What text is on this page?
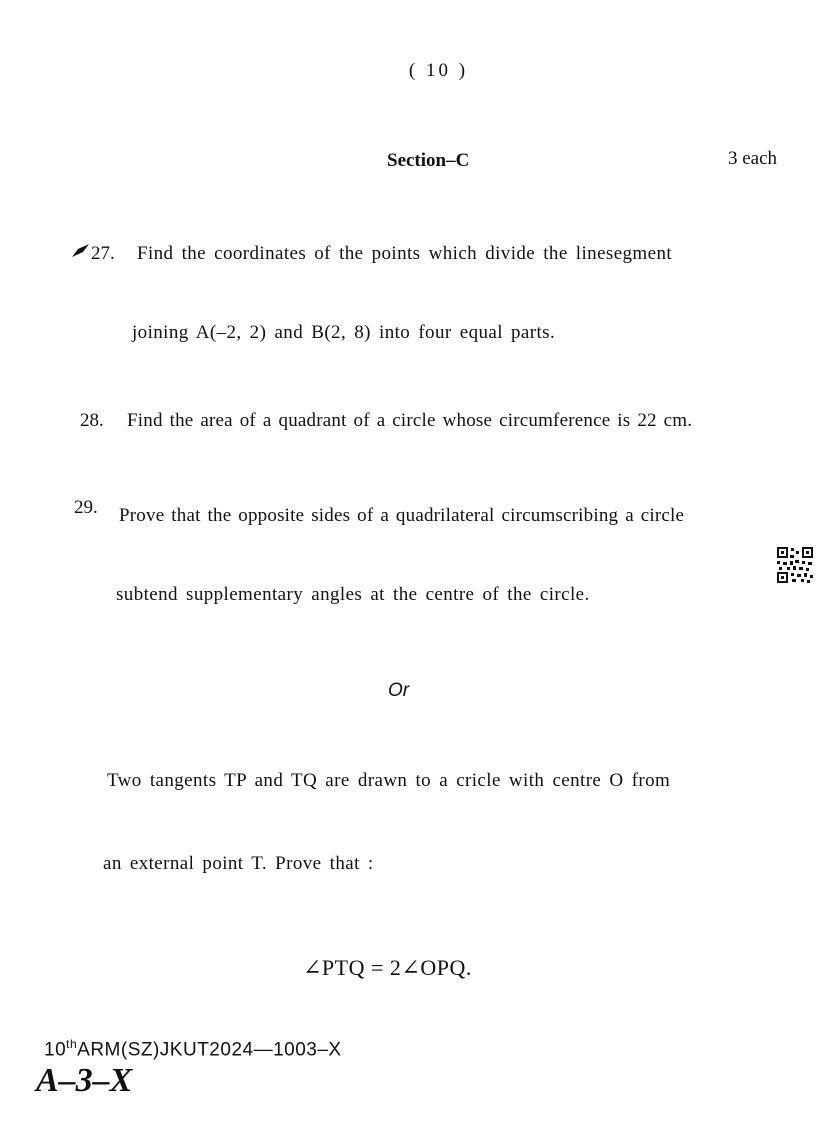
( 10 )
Section–C	3 each
27. Find the coordinates of the points which divide the linesegment
joining A(–2, 2) and B(2, 8) into four equal parts.
28. Find the area of a quadrant of a circle whose circumference is 22 cm.
29. Prove that the opposite sides of a quadrilateral circumscribing a circle
subtend supplementary angles at the centre of the circle.
Or
Two tangents TP and TQ are drawn to a cricle with centre O from
an external point T. Prove that :
∠PTQ = 2∠OPQ.
10thARM(SZ)JKUT2024—1003–X
A–3–X
